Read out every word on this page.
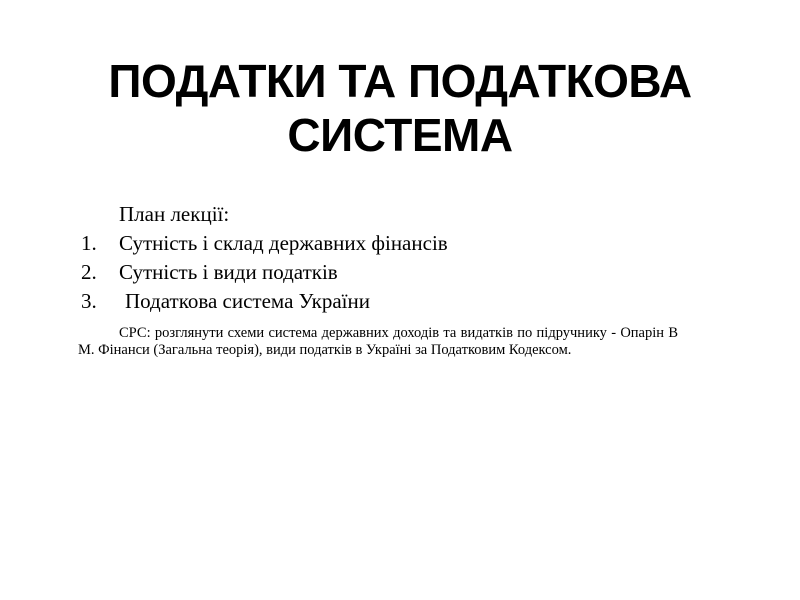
ПОДАТКИ ТА ПОДАТКОВА СИСТЕМА

План лекції:

1.	Сутність і склад державних фінансів
2.	Сутність і види податків
3.	Податкова система України

СРС: розглянути схеми система державних доходів та видатків по підручнику - Опарін В М. Фінанси (Загальна теорія), види податків в Україні за Податковим Кодексом.
